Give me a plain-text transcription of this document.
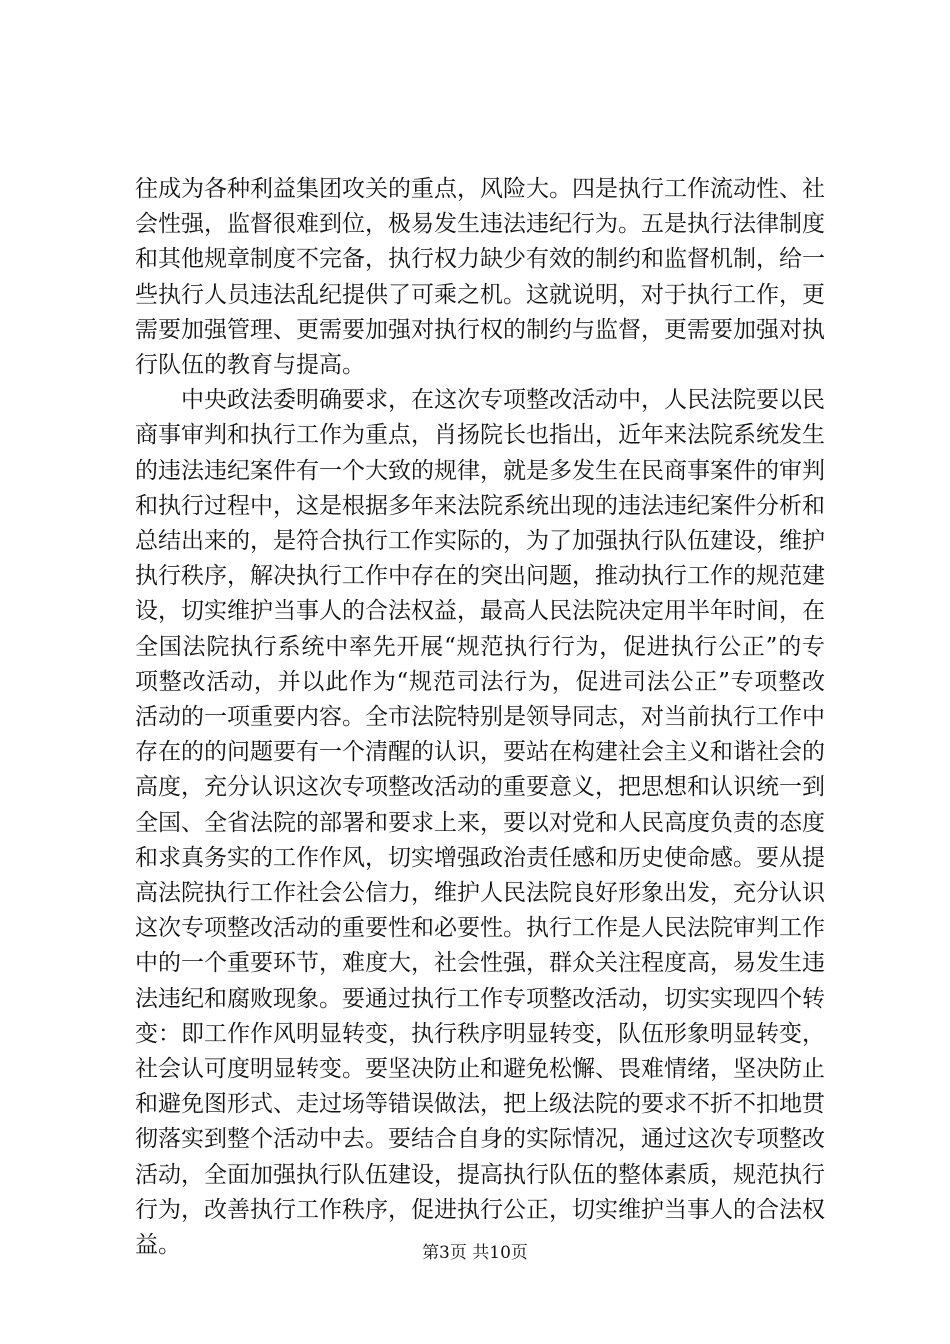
往成为各种利益集团攻关的重点，风险大。四是执行工作流动性、社会性强，监督很难到位，极易发生违法违纪行为。五是执行法律制度和其他规章制度不完备，执行权力缺少有效的制约和监督机制，给一些执行人员违法乱纪提供了可乘之机。这就说明，对于执行工作，更需要加强管理、更需要加强对执行权的制约与监督，更需要加强对执行队伍的教育与提高。

中央政法委明确要求，在这次专项整改活动中，人民法院要以民商事审判和执行工作为重点，肖扬院长也指出，近年来法院系统发生的违法违纪案件有一个大致的规律，就是多发生在民商事案件的审判和执行过程中，这是根据多年来法院系统出现的违法违纪案件分析和总结出来的，是符合执行工作实际的，为了加强执行队伍建设，维护执行秩序，解决执行工作中存在的突出问题，推动执行工作的规范建设，切实维护当事人的合法权益，最高人民法院决定用半年时间，在全国法院执行系统中率先开展“规范执行行为，促进执行公正”的专项整改活动，并以此作为“规范司法行为，促进司法公正”专项整改活动的一项重要内容。全市法院特别是领导同志，对当前执行工作中存在的的问题要有一个清醒的认识，要站在构建社会主义和谐社会的高度，充分认识这次专项整改活动的重要意义，把思想和认识统一到全国、全省法院的部署和要求上来，要以对党和人民高度负责的态度和求真务实的工作作风，切实增强政治责任感和历史使命感。要从提高法院执行工作社会公信力，维护人民法院良好形象出发，充分认识这次专项整改活动的重要性和必要性。执行工作是人民法院审判工作中的一个重要环节，难度大，社会性强，群众关注程度高，易发生违法违纪和腐败现象。要通过执行工作专项整改活动，切实实现四个转变：即工作作风明显转变，执行秩序明显转变，队伍形象明显转变，社会认可度明显转变。要坚决防止和避免松懈、畏难情绪，坚决防止和避免图形式、走过场等错误做法，把上级法院的要求不折不扣地贯彻落实到整个活动中去。要结合自身的实际情况，通过这次专项整改活动，全面加强执行队伍建设，提高执行队伍的整体素质，规范执行行为，改善执行工作秩序，促进执行公正，切实维护当事人的合法权益。	第3页 共10页
